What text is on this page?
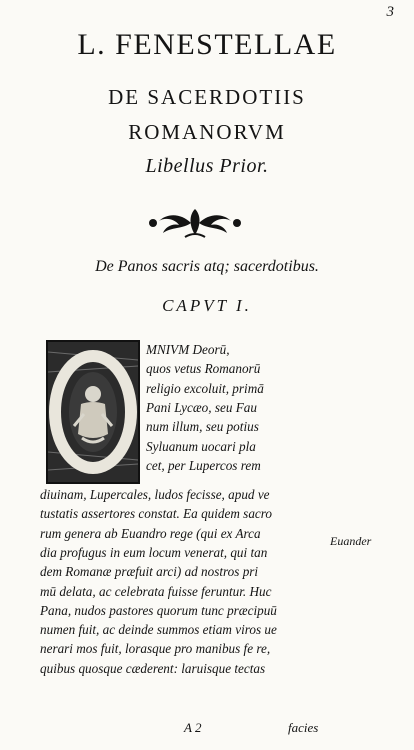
3
L. FENESTELLAE
DE SACERDOTIIS
ROMANORVM
Libellus Prior.
De Panos sacris atq; sacerdotibus.
CAPVT I.
MNIVM Deorū,
quos vetus Romanorū
religio excoluit, primā
Pani Lycæo, seu Fau
num illum, seu potius
Syluanum uocari pla
cet, per Lupercos rem
diuinam, Lupercales, ludos fecisse, apud ve
tustatis assertores constat. Ea quidem sacro
rum genera ab Euandro rege (qui ex Arca
dia profugus in eum locum venerat, qui tan
dem Romanæ præfuit arci) ad nostros pri
mū delata, ac celebrata fuisse feruntur. Huc
Pana, nudos pastores quorum tunc præcipuū
numen fuit, ac deinde summos etiam viros ue
nerari mos fuit, lorasque pro manibus fe re,
quibus quosque cæderent: laruisque tectas
Euander
A 2	facies
